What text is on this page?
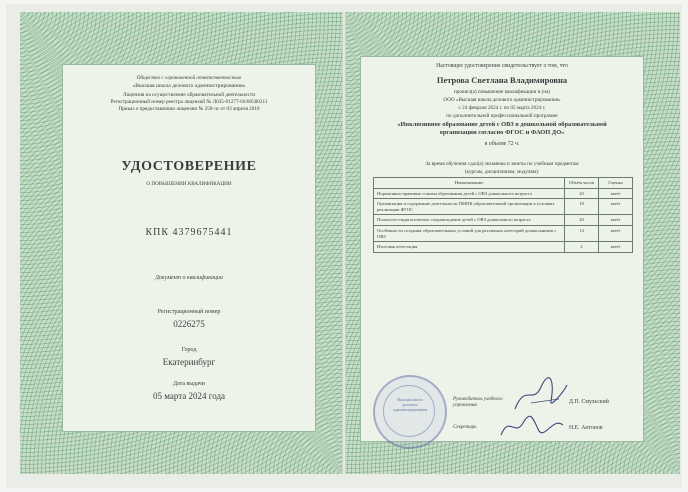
Общество с ограниченной ответственностью
«Высшая школа делового администрирования»
Лицензия на осуществление образовательной деятельности
Регистрационный номер реестра лицензий № Л035-01277-66/00580211
Приказ о предоставлении лицензии № 258-лс от 03 апреля 2018
УДОСТОВЕРЕНИЕ
О ПОВЫШЕНИИ КВАЛИФИКАЦИИ
КПК 4379675441
Документ о квалификации
Регистрационный номер
0226275
Город
Екатеринбург
Дата выдачи
05 марта 2024 года
Настоящее удостоверение свидетельствует о том, что
Петрова Светлана Владимировна
прошел(а) повышение квалификации в (на)
ООО «Высшая школа делового администрирования»
с 24 февраля 2024 г. по 05 марта 2024 г.
по дополнительной профессиональной программе
«Инклюзивное образование детей с ОВЗ в дошкольной образовательной организации согласно ФГОС и ФАОП ДО»
в объеме 72 ч.
За время обучения сдал(а) экзамены и зачеты по учебным предметам
(курсам, дисциплинам, модулям):
Наименование	Объём часов	Оценка
Нормативно-правовые основы образования детей с ОВЗ дошкольного возраста	20	зачёт
Организация и содержание деятельности ПМПК образовательной организации в условиях реализации ФГОС	18	зачёт
Психолого-педагогическое сопровождение детей с ОВЗ дошкольного возраста	20	зачёт
Особенности создания образовательных условий для различных категорий дошкольников с ОВЗ	14	зачёт
Итоговая аттестация	2	зачёт
Высшая школа делового администрирования
Руководитель учебного управления
Д.П. Смульский
Секретарь	Н.Е. Антонов
